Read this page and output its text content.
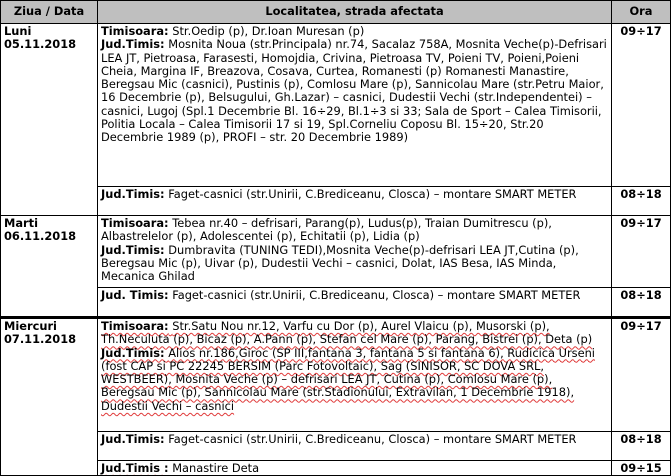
Ziua / Data	Localitatea, strada afectata	Ora

Luni
05.11.2018	Timisoara: Str.Oedip (p), Dr.Ioan Muresan (p)
Jud.Timis: Mosnita Noua (str.Principala) nr.74, Sacalaz 758A, Mosnita Veche(p)-Defrisari LEA JT, Pietroasa, Farasesti, Homojdia, Crivina, Pietroasa TV, Poieni TV, Poieni,Poieni Cheia, Margina IF, Breazova, Cosava, Curtea, Romanesti (p) Romanesti Manastire, Beregsau Mic (casnici), Pustinis (p), Comlosu Mare (p), Sannicolau Mare (str.Petru Maior, 16 Decembrie (p), Belsugului, Gh.Lazar) – casnici, Dudestii Vechi (str.Independentei) – casnici, Lugoj (Spl.1 Decembrie Bl. 16÷29, Bl.1÷3 si 33; Sala de Sport – Calea Timisorii, Politia Locala – Calea Timisorii 17 si 19, Spl.Corneliu Coposu Bl. 15÷20, Str.20 Decembrie 1989 (p), PROFI – str. 20 Decembrie 1989)	09÷17
	Jud.Timis: Faget-casnici (str.Unirii, C.Brediceanu, Closca) – montare SMART METER	08÷18

Marti
06.11.2018	Timisoara: Tebea nr.40 – defrisari, Parang(p), Ludus(p), Traian Dumitrescu (p), Albastrelelor (p), Adolescentei (p), Echitatii (p), Lidia (p)
Jud.Timis: Dumbravita (TUNING TEDI),Mosnita Veche(p)-defrisari LEA JT,Cutina (p), Beregsau Mic (p), Uivar (p), Dudestii Vechi – casnici, Dolat, IAS Besa, IAS Minda, Mecanica Ghilad	09÷17
	Jud. Timis: Faget-casnici (str.Unirii, C.Brediceanu, Closca) – montare SMART METER	08÷18

Miercuri
07.11.2018	Timisoara: Str.Satu Nou nr.12, Varfu cu Dor (p), Aurel Vlaicu (p), Musorski (p), Th.Neculuta (p), Bicaz (p), A.Pann (p), Stefan cel Mare (p), Parang, Bistrei (p), Deta (p)
Jud.Timis: Alios nr.186,Giroc (SP III,fantana 3, fantana 5 si fantana 6), Rudicica Urseni (fost CAP si PC 22245 BERSIM (Parc Fotovoltaic), Sag (SINISOR, SC DOVA SRL, WESTBEER), Mosnita Veche (p) – defrisari LEA JT, Cutina (p), Comlosu Mare (p), Beregsau Mic (p), Sannicolau Mare (str.Stadionului, Extravilan, 1 Decembrie 1918), Dudestii Vechi – casnici	09÷17
	Jud.Timis: Faget-casnici (str.Unirii, C.Brediceanu, Closca) – montare SMART METER	08÷18
	Jud.Timis : Manastire Deta	09÷15
